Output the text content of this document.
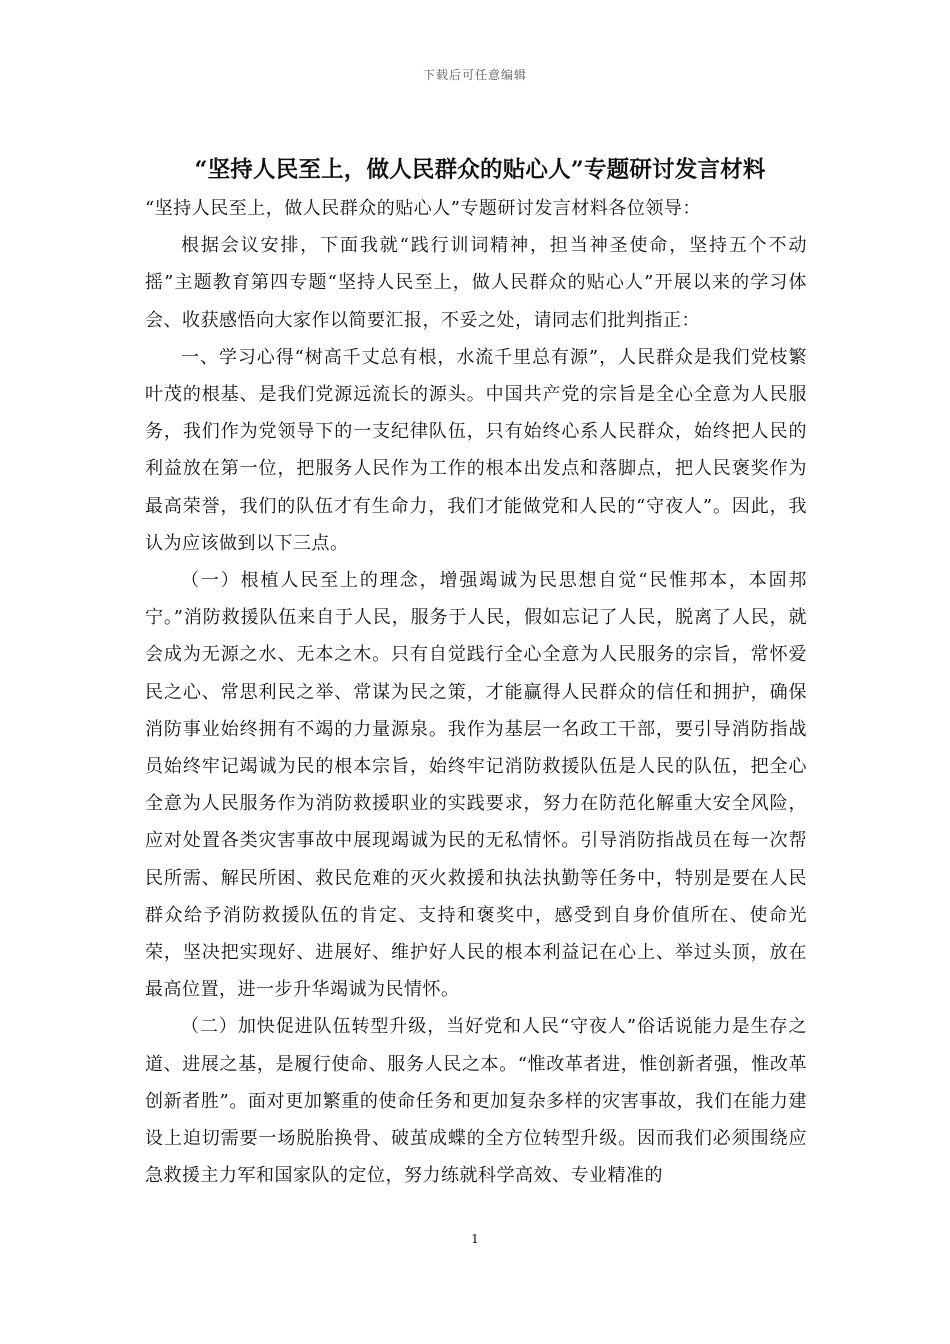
下载后可任意编辑
“坚持人民至上，做人民群众的贴心人”专题研讨发言材料

“坚持人民至上，做人民群众的贴心人”专题研讨发言材料各位领导：

根据会议安排，下面我就“践行训词精神，担当神圣使命，坚持五个不动摇”主题教育第四专题“坚持人民至上，做人民群众的贴心人”开展以来的学习体会、收获感悟向大家作以简要汇报，不妥之处，请同志们批判指正：

一、学习心得“树高千丈总有根，水流千里总有源”，人民群众是我们党枝繁叶茂的根基、是我们党源远流长的源头。中国共产党的宗旨是全心全意为人民服务，我们作为党领导下的一支纪律队伍，只有始终心系人民群众，始终把人民的利益放在第一位，把服务人民作为工作的根本出发点和落脚点，把人民褒奖作为最高荣誉，我们的队伍才有生命力，我们才能做党和人民的“守夜人”。因此，我认为应该做到以下三点。

（一）根植人民至上的理念，增强竭诚为民思想自觉“民惟邦本，本固邦宁。”消防救援队伍来自于人民，服务于人民，假如忘记了人民，脱离了人民，就会成为无源之水、无本之木。只有自觉践行全心全意为人民服务的宗旨，常怀爱民之心、常思利民之举、常谋为民之策，才能赢得人民群众的信任和拥护，确保消防事业始终拥有不竭的力量源泉。我作为基层一名政工干部，要引导消防指战员始终牢记竭诚为民的根本宗旨，始终牢记消防救援队伍是人民的队伍，把全心全意为人民服务作为消防救援职业的实践要求，努力在防范化解重大安全风险，应对处置各类灾害事故中展现竭诚为民的无私情怀。引导消防指战员在每一次帮民所需、解民所困、救民危难的灭火救援和执法执勤等任务中，特别是要在人民群众给予消防救援队伍的肯定、支持和褒奖中，感受到自身价值所在、使命光荣，坚决把实现好、进展好、维护好人民的根本利益记在心上、举过头顶，放在最高位置，进一步升华竭诚为民情怀。

（二）加快促进队伍转型升级，当好党和人民“守夜人”俗话说能力是生存之道、进展之基，是履行使命、服务人民之本。“惟改革者进，惟创新者强，惟改革创新者胜”。面对更加繁重的使命任务和更加复杂多样的灾害事故，我们在能力建设上迫切需要一场脱胎换骨、破茧成蝶的全方位转型升级。因而我们必须围绕应急救援主力军和国家队的定位，努力练就科学高效、专业精准的

1
